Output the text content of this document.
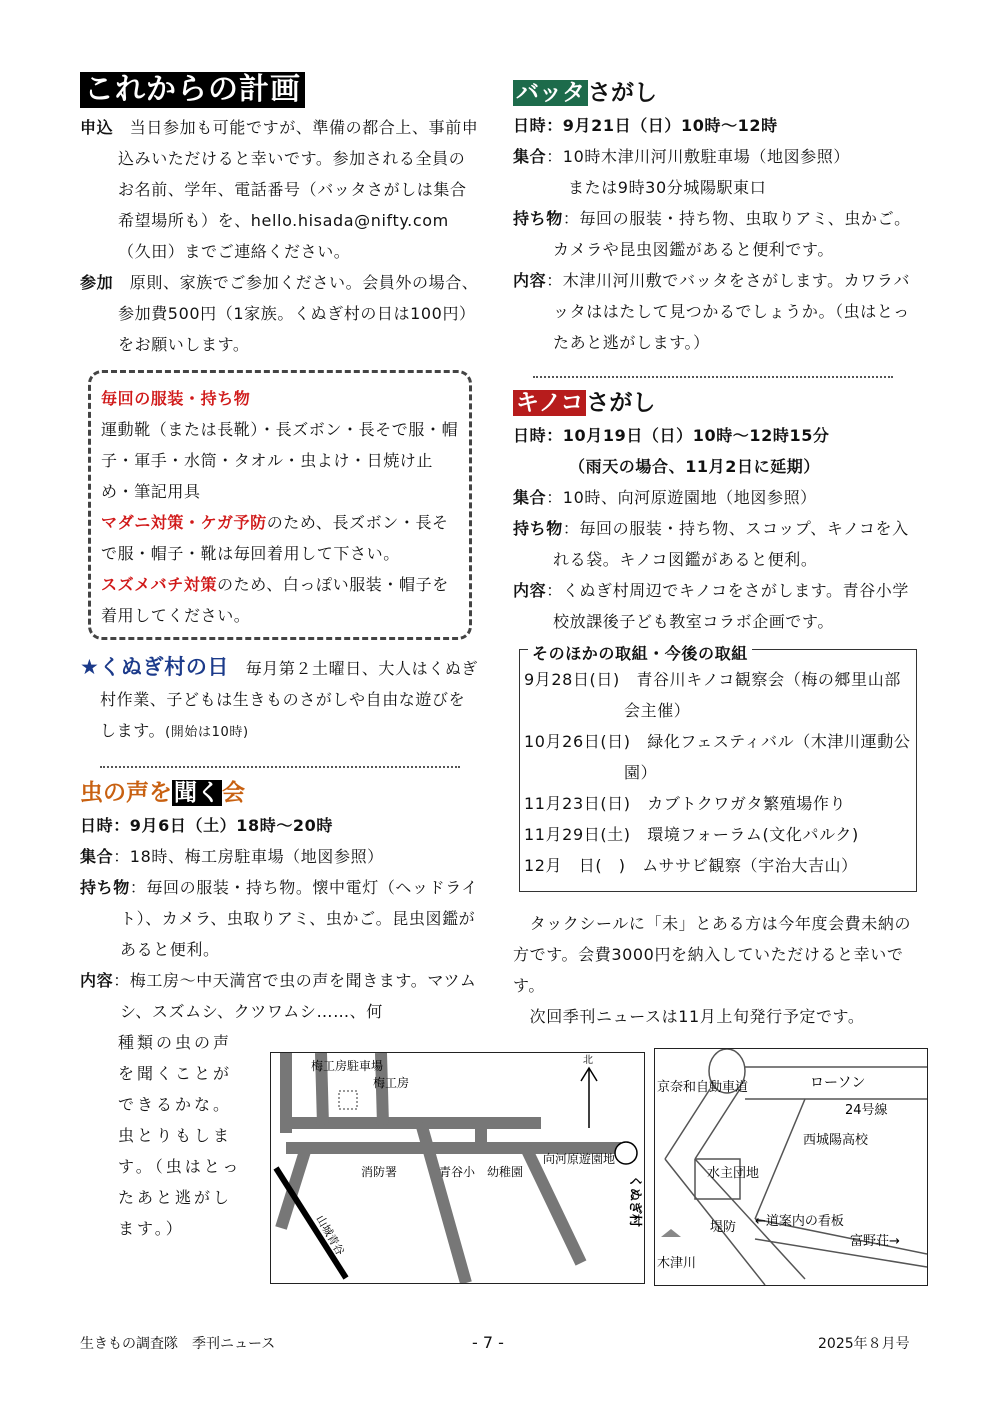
これからの計画
申込　当日参加も可能ですが、準備の都合上、事前申込みいただけると幸いです。参加される全員のお名前、学年、電話番号（バッタさがしは集合希望場所も）を、hello.hisada@nifty.com（久田）までご連絡ください。
参加　原則、家族でご参加ください。会員外の場合、参加費500円（1家族。くぬぎ村の日は100円）をお願いします。
毎回の服装・持ち物
運動靴（または長靴）・長ズボン・長そで服・帽子・軍手・水筒・タオル・虫よけ・日焼け止め・筆記用具
マダニ対策・ケガ予防のため、長ズボン・長そで服・帽子・靴は毎回着用して下さい。
スズメバチ対策のため、白っぽい服装・帽子を着用してください。
★くぬぎ村の日　毎月第２土曜日、大人はくぬぎ村作業、子どもは生きものさがしや自由な遊びをします。(開始は10時)
虫の声を聞く会
日時：9月6日（土）18時〜20時
集合：18時、梅工房駐車場（地図参照）
持ち物：毎回の服装・持ち物。懐中電灯（ヘッドライト）、カメラ、虫取りアミ、虫かご。昆虫図鑑があると便利。
内容：梅工房〜中天満宮で虫の声を聞きます。マツムシ、スズムシ、クツワムシ……、何
種類の虫の声を聞くことができるかな。虫とりもします。（虫はとったあと逃がします。）
バッタ さがし
日時：9月21日（日）10時〜12時
集合：10時木津川河川敷駐車場（地図参照）
または9時30分城陽駅東口
持ち物：毎回の服装・持ち物、虫取りアミ、虫かご。カメラや昆虫図鑑があると便利です。
内容：木津川河川敷でバッタをさがします。カワラバッタははたして見つかるでしょうか。（虫はとったあと逃がします。）
キノコ さがし
日時：10月19日（日）10時〜12時15分
（雨天の場合、11月2日に延期）
集合：10時、向河原遊園地（地図参照）
持ち物：毎回の服装・持ち物、スコップ、キノコを入れる袋。キノコ図鑑があると便利。
内容：くぬぎ村周辺でキノコをさがします。青谷小学校放課後子ども教室コラボ企画です。
そのほかの取組・今後の取組
9月28日(日)　 青谷川キノコ観察会（梅の郷里山部会主催）
10月26日(日)　 緑化フェスティバル（木津川運動公園）
11月23日(日)　 カブトクワガタ繁殖場作り
11月29日(土)　 環境フォーラム(文化パルク)
12月　日(　)　 ムササビ観察（宇治大吉山）
　タックシールに「未」とある方は今年度会費未納の方です。会費3000円を納入していただけると幸いです。
　次回季刊ニュースは11月上旬発行予定です。
梅工房駐車場
梅工房
北
消防署	青谷小 幼稚園
向河原遊園地
くぬぎ村
山城青谷
ローソン
京奈和自動車道
24号線
西城陽高校
水主団地
堤防 ←道案内の看板
富野荘→
木津川
生きもの調査隊　季刊ニュース	- 7 -	2025年８月号
